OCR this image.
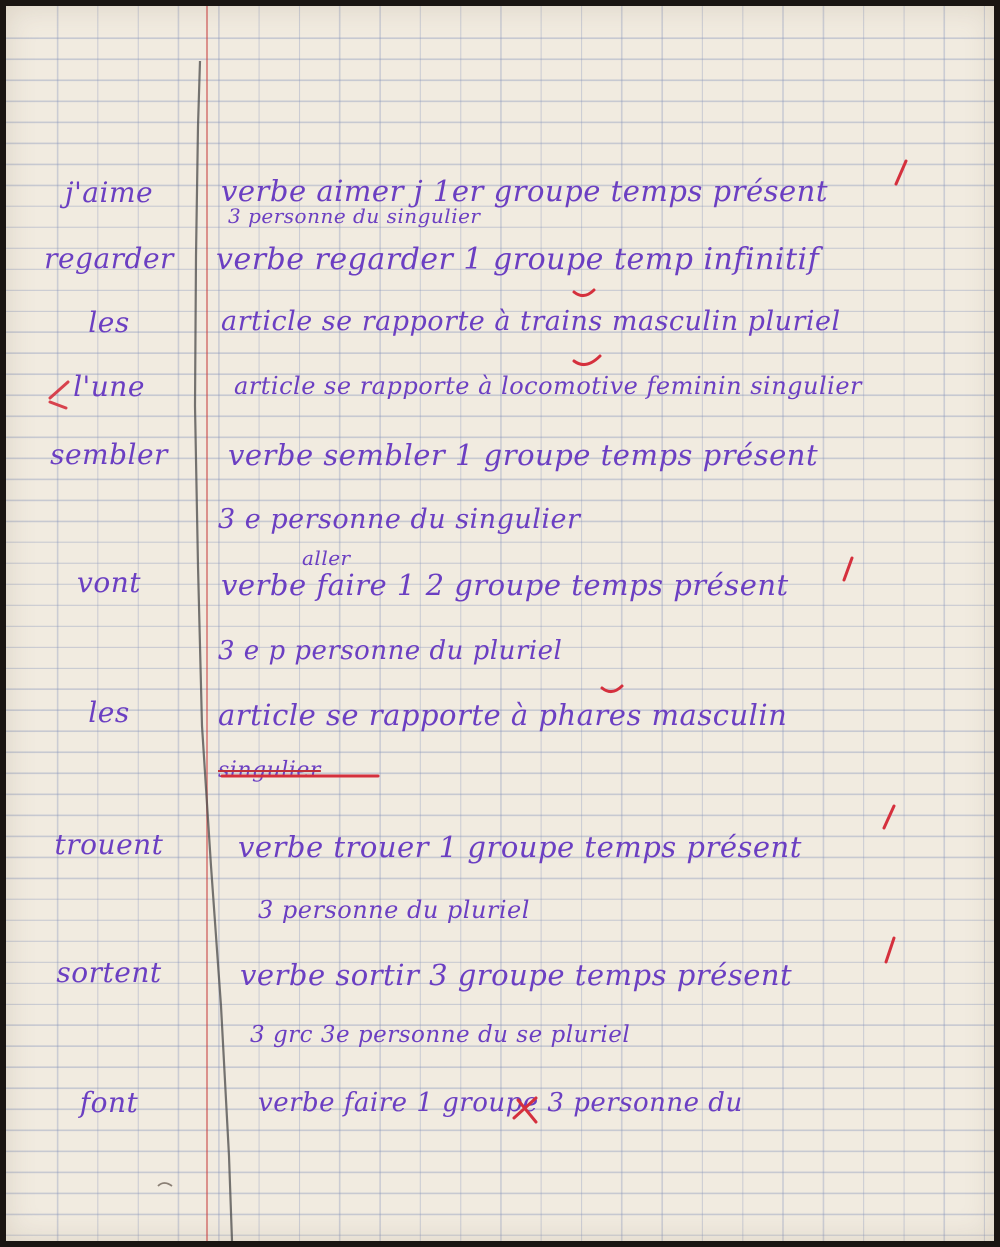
j'aime	verbe aimer j 1er groupe temps présent
3 personne du singulier
regarder	verbe regarder 1 groupe temp infinitif
les	article se rapporte à trains masculin pluriel
l'une	article se rapporte à locomotive feminin singulier
sembler	verbe sembler 1 groupe temps présent
3 e personne du singulier
aller
vont	verbe faire 1 2 groupe temps présent
3 e p personne du pluriel
les	article se rapporte à phares masculin
singulier
trouent	verbe trouer 1 groupe temps présent
3 personne du pluriel
sortent	verbe sortir 3 groupe temps présent
3 grc 3e personne du se pluriel
font	verbe faire 1 groupe 3 personne du
